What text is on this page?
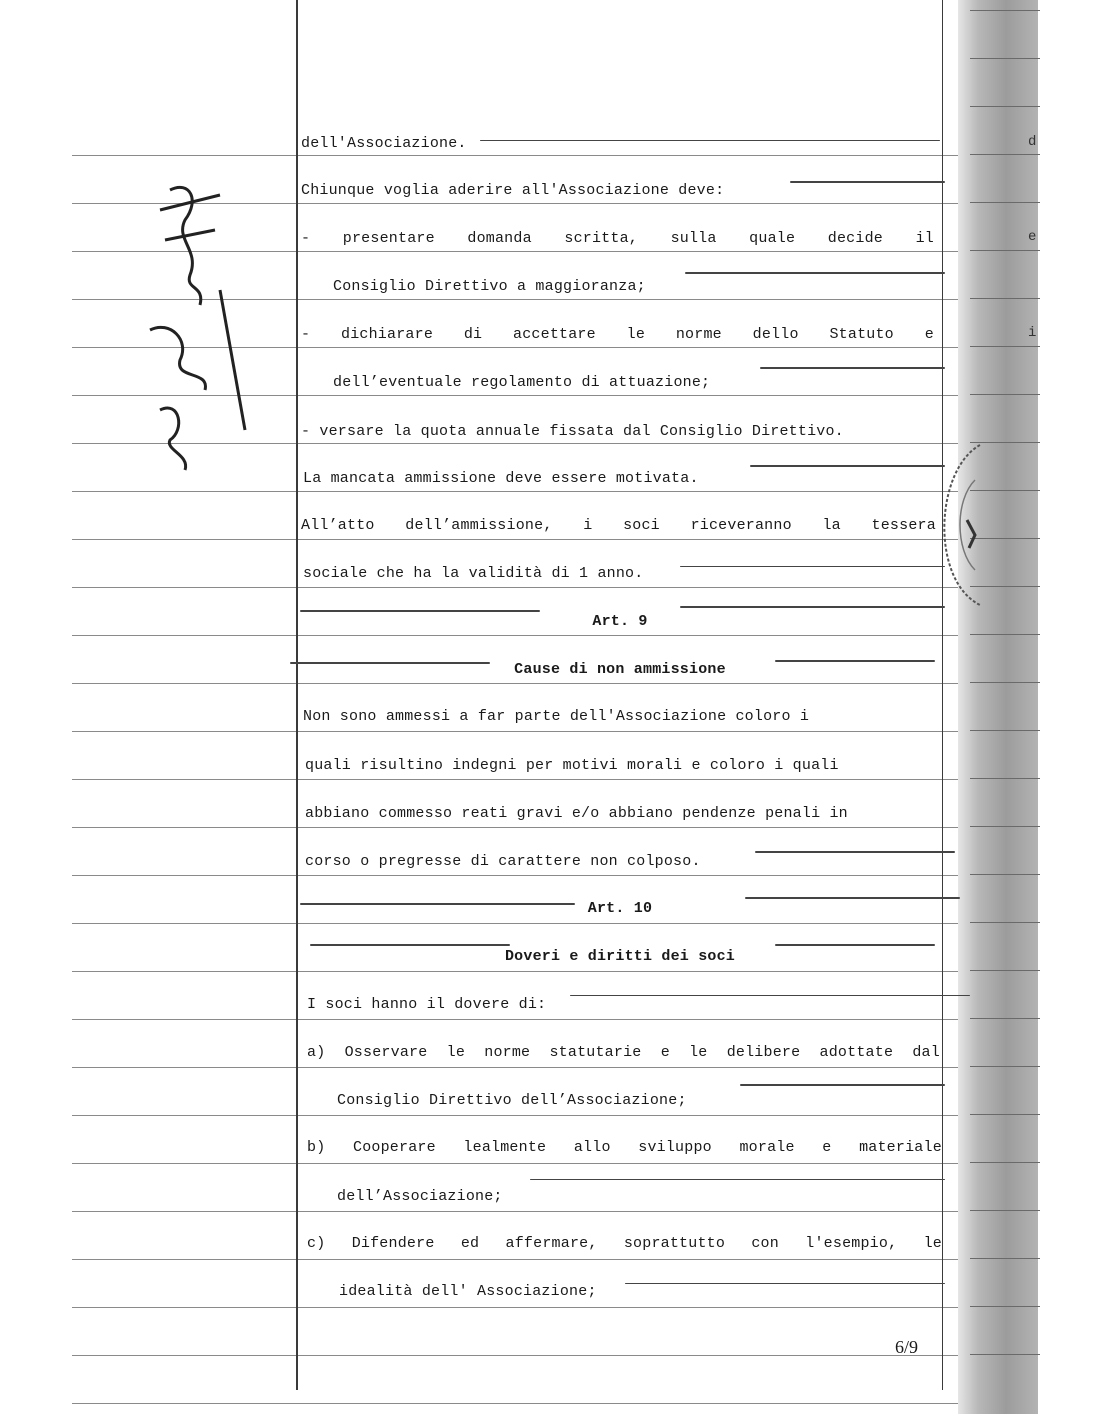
dell'Associazione.
Chiunque voglia aderire all'Associazione deve:
- presentare domanda scritta, sulla quale decide il
Consiglio Direttivo a maggioranza;
- dichiarare di accettare le norme dello Statuto e
dell’eventuale regolamento di attuazione;
- versare la quota annuale fissata dal Consiglio Direttivo.
La mancata ammissione deve essere motivata.
All’atto dell’ammissione, i soci riceveranno la tessera
sociale che ha la validità di 1 anno.
Art. 9
Cause di non ammissione
Non sono ammessi a far parte dell'Associazione coloro i
quali risultino indegni per motivi morali e coloro i quali
abbiano commesso reati gravi e/o abbiano pendenze penali in
corso o pregresse di carattere non colposo.
Art. 10
Doveri e diritti dei soci
I soci hanno il dovere di:
a) Osservare le norme statutarie e le delibere adottate dal
Consiglio Direttivo dell’Associazione;
b) Cooperare lealmente allo sviluppo morale e materiale
dell’Associazione;
c) Difendere ed affermare, soprattutto con l'esempio, le
idealità dell' Associazione;
6/9
d
e
i
